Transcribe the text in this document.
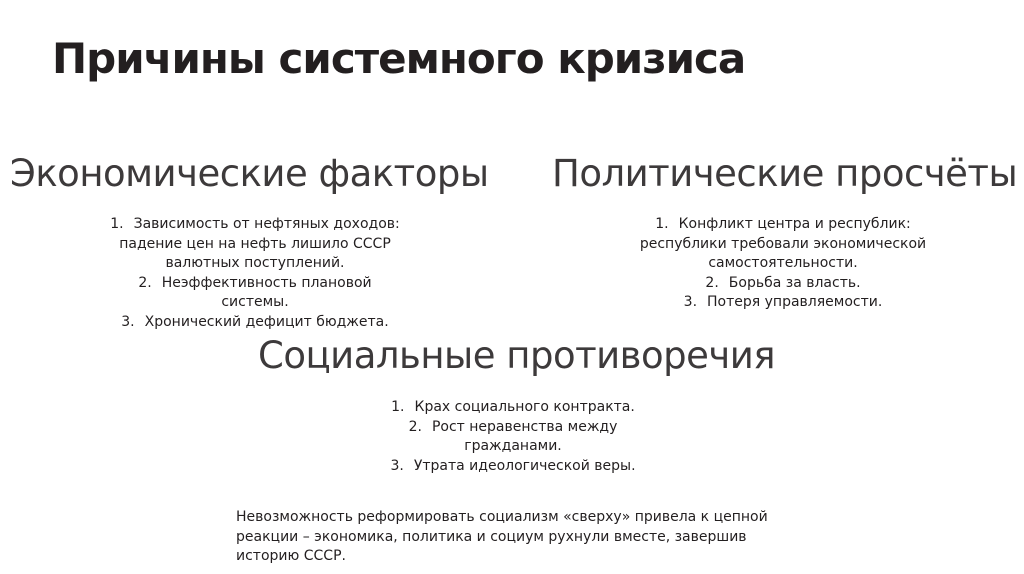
Причины системного кризиса
Экономические факторы
1. Зависимость от нефтяных доходов: падение цен на нефть лишило СССР валютных поступлений.
2. Неэффективность плановой системы.
3. Хронический дефицит бюджета.
Политические просчёты
1. Конфликт центра и республик: республики требовали экономической самостоятельности.
2. Борьба за власть.
3. Потеря управляемости.
Социальные противоречия
1. Крах социального контракта.
2. Рост неравенства между гражданами.
3. Утрата идеологической веры.

Невозможность реформировать социализм «сверху» привела к цепной реакции – экономика, политика и социум рухнули вместе, завершив историю СССР.
